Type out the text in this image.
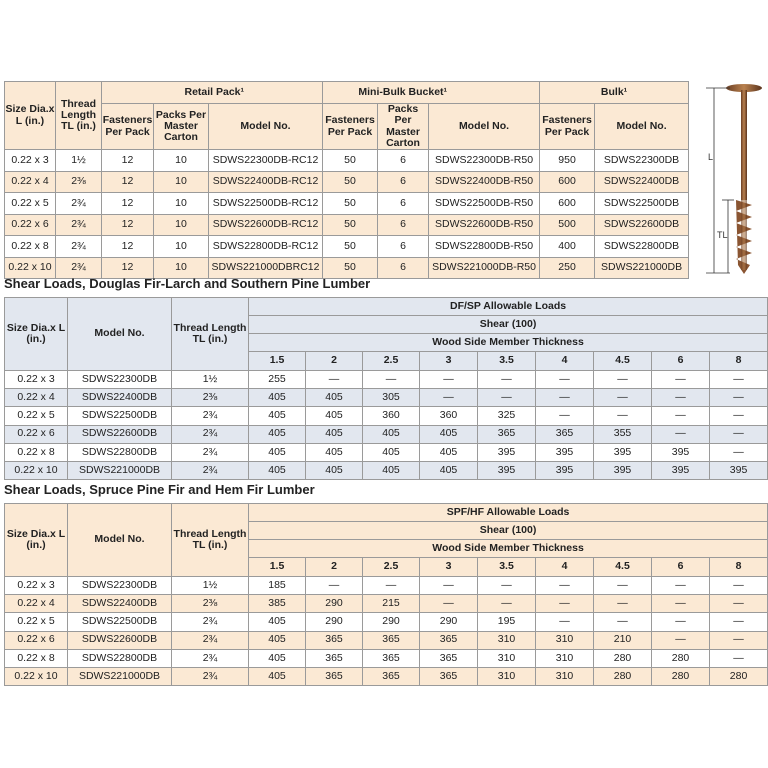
Size Dia.x L (in.)	Thread Length TL (in.)	Retail Pack¹			Mini-Bulk Bucket¹			Bulk¹	
		Fasteners Per Pack	Packs Per Master Carton	Model No.	Fasteners Per Pack	Packs Per Master Carton	Model No.	Fasteners Per Pack	Model No.
0.22 x 3	1½	12	10	SDWS22300DB-RC12	50	6	SDWS22300DB-R50	950	SDWS22300DB
0.22 x 4	2⅜	12	10	SDWS22400DB-RC12	50	6	SDWS22400DB-R50	600	SDWS22400DB
0.22 x 5	2¾	12	10	SDWS22500DB-RC12	50	6	SDWS22500DB-R50	600	SDWS22500DB
0.22 x 6	2¾	12	10	SDWS22600DB-RC12	50	6	SDWS22600DB-R50	500	SDWS22600DB
0.22 x 8	2¾	12	10	SDWS22800DB-RC12	50	6	SDWS22800DB-R50	400	SDWS22800DB
0.22 x 10	2¾	12	10	SDWS221000DBRC12	50	6	SDWS221000DB-R50	250	SDWS221000DB
L
TL
Shear Loads, Douglas Fir-Larch and Southern Pine Lumber
Size Dia.x L (in.)	Model No.	Thread Length TL (in.)	DF/SP Allowable Loads								
			Shear (100)								
			Wood Side Member Thickness								
			1.5	2	2.5	3	3.5	4	4.5	6	8
0.22 x 3	SDWS22300DB	1½	255	—	—	—	—	—	—	—	—
0.22 x 4	SDWS22400DB	2⅜	405	405	305	—	—	—	—	—	—
0.22 x 5	SDWS22500DB	2¾	405	405	360	360	325	—	—	—	—
0.22 x 6	SDWS22600DB	2¾	405	405	405	405	365	365	355	—	—
0.22 x 8	SDWS22800DB	2¾	405	405	405	405	395	395	395	395	—
0.22 x 10	SDWS221000DB	2¾	405	405	405	405	395	395	395	395	395
Shear Loads, Spruce Pine Fir and Hem Fir Lumber
Size Dia.x L (in.)	Model No.	Thread Length TL (in.)	SPF/HF Allowable Loads								
			Shear (100)								
			Wood Side Member Thickness								
			1.5	2	2.5	3	3.5	4	4.5	6	8
0.22 x 3	SDWS22300DB	1½	185	—	—	—	—	—	—	—	—
0.22 x 4	SDWS22400DB	2⅜	385	290	215	—	—	—	—	—	—
0.22 x 5	SDWS22500DB	2¾	405	290	290	290	195	—	—	—	—
0.22 x 6	SDWS22600DB	2¾	405	365	365	365	310	310	210	—	—
0.22 x 8	SDWS22800DB	2¾	405	365	365	365	310	310	280	280	—
0.22 x 10	SDWS221000DB	2¾	405	365	365	365	310	310	280	280	280
